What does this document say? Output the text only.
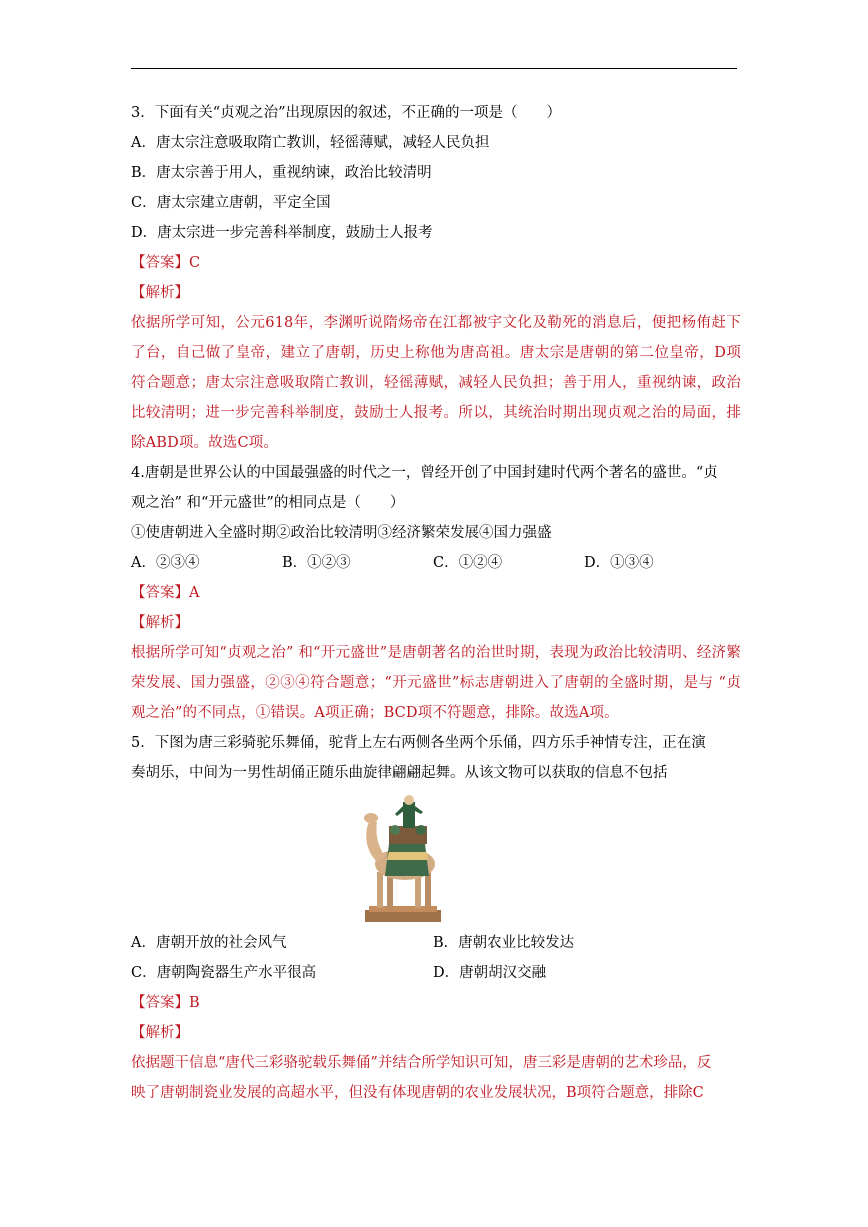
3．下面有关“贞观之治”出现原因的叙述，不正确的一项是（　　）
A．唐太宗注意吸取隋亡教训，轻徭薄赋，减轻人民负担
B．唐太宗善于用人，重视纳谏，政治比较清明
C．唐太宗建立唐朝，平定全国
D．唐太宗进一步完善科举制度，鼓励士人报考
【答案】C
【解析】
依据所学可知，公元618年，李渊听说隋炀帝在江都被宇文化及勒死的消息后，便把杨侑赶下了台，自己做了皇帝，建立了唐朝，历史上称他为唐高祖。唐太宗是唐朝的第二位皇帝，D项符合题意；唐太宗注意吸取隋亡教训，轻徭薄赋，减轻人民负担；善于用人，重视纳谏，政治比较清明；进一步完善科举制度，鼓励士人报考。所以，其统治时期出现贞观之治的局面，排除ABD项。故选C项。
4.唐朝是世界公认的中国最强盛的时代之一，曾经开创了中国封建时代两个著名的盛世。“贞
观之治” 和“开元盛世”的相同点是（　　）
①使唐朝进入全盛时期②政治比较清明③经济繁荣发展④国力强盛
A．②③④	B．①②③	C．①②④	D．①③④
【答案】A
【解析】
根据所学可知“贞观之治” 和“开元盛世”是唐朝著名的治世时期，表现为政治比较清明、经济繁荣发展、国力强盛，②③④符合题意；“开元盛世”标志唐朝进入了唐朝的全盛时期，是与 “贞观之治”的不同点，①错误。A项正确；BCD项不符题意，排除。故选A项。
5．下图为唐三彩骑驼乐舞俑，驼背上左右两侧各坐两个乐俑，四方乐手神情专注，正在演
奏胡乐，中间为一男性胡俑正随乐曲旋律翩翩起舞。从该文物可以获取的信息不包括
A．唐朝开放的社会风气	B．唐朝农业比较发达
C．唐朝陶瓷器生产水平很高	D．唐朝胡汉交融
【答案】B
【解析】
依据题干信息“唐代三彩骆驼载乐舞俑”并结合所学知识可知，唐三彩是唐朝的艺术珍品，反
映了唐朝制瓷业发展的高超水平，但没有体现唐朝的农业发展状况，B项符合题意，排除C
